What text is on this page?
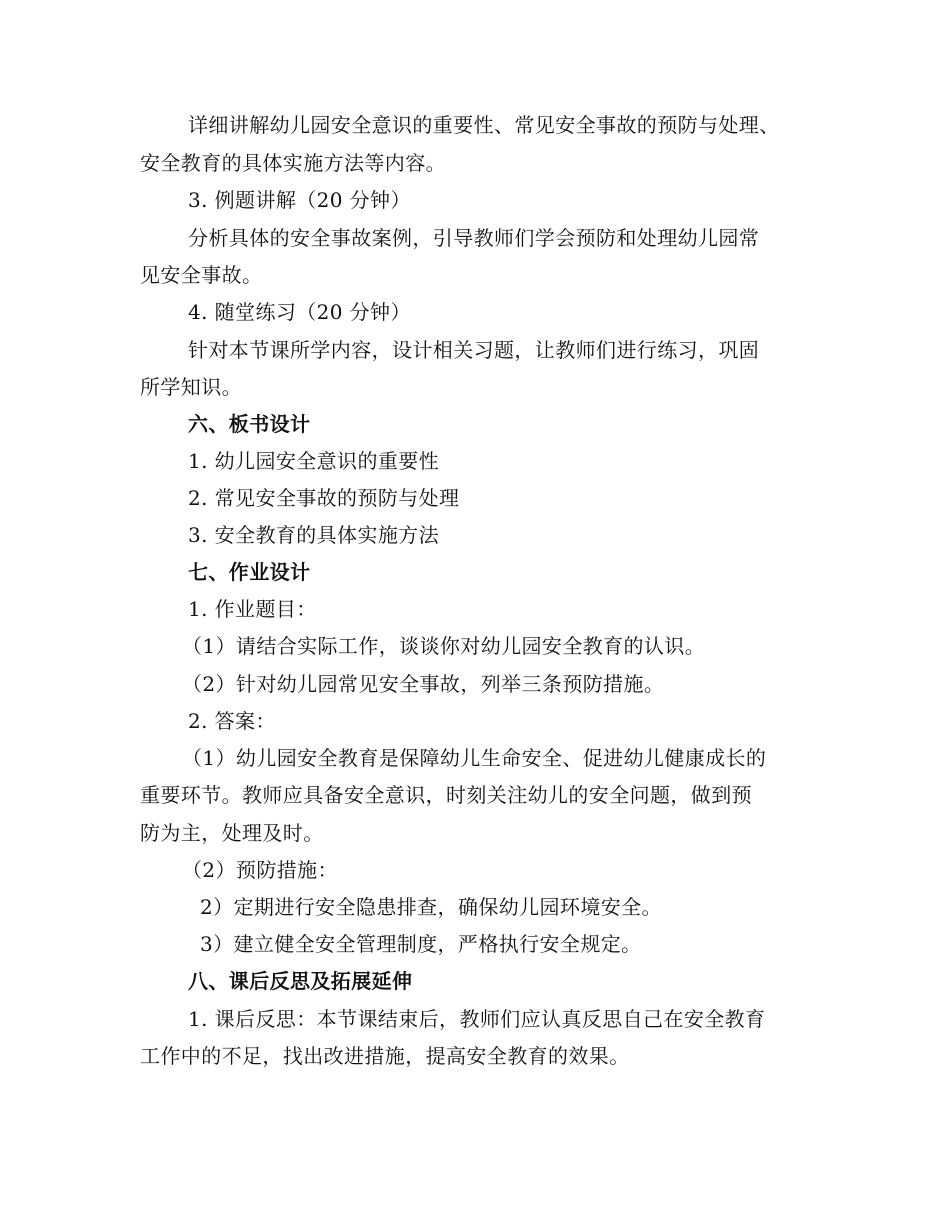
详细讲解幼儿园安全意识的重要性、常见安全事故的预防与处理、
安全教育的具体实施方法等内容。
3. 例题讲解（20 分钟）
分析具体的安全事故案例，引导教师们学会预防和处理幼儿园常
见安全事故。
4. 随堂练习（20 分钟）
针对本节课所学内容，设计相关习题，让教师们进行练习，巩固
所学知识。
六、板书设计
1. 幼儿园安全意识的重要性
2. 常见安全事故的预防与处理
3. 安全教育的具体实施方法
七、作业设计
1. 作业题目：
（1）请结合实际工作，谈谈你对幼儿园安全教育的认识。
（2）针对幼儿园常见安全事故，列举三条预防措施。
2. 答案：
（1）幼儿园安全教育是保障幼儿生命安全、促进幼儿健康成长的
重要环节。教师应具备安全意识，时刻关注幼儿的安全问题，做到预
防为主，处理及时。
（2）预防措施：
2）定期进行安全隐患排查，确保幼儿园环境安全。
3）建立健全安全管理制度，严格执行安全规定。
八、课后反思及拓展延伸
1. 课后反思：本节课结束后，教师们应认真反思自己在安全教育
工作中的不足，找出改进措施，提高安全教育的效果。
